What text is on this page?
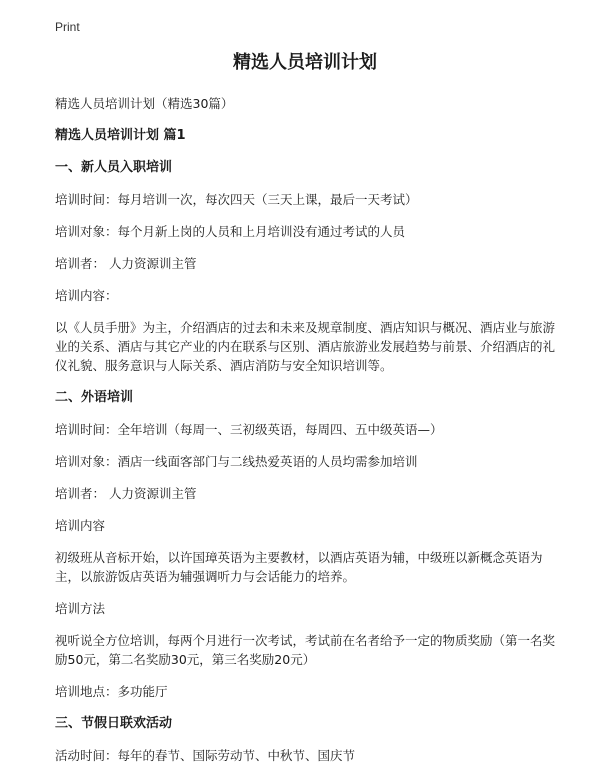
Print
精选人员培训计划
精选人员培训计划（精选30篇）
精选人员培训计划 篇1
一、新人员入职培训
培训时间：每月培训一次，每次四天（三天上课，最后一天考试）
培训对象：每个月新上岗的人员和上月培训没有通过考试的人员
培训者： 人力资源训主管
培训内容：
以《人员手册》为主，介绍酒店的过去和未来及规章制度、酒店知识与概况、酒店业与旅游业的关系、酒店与其它产业的内在联系与区别、酒店旅游业发展趋势与前景、介绍酒店的礼仪礼貌、服务意识与人际关系、酒店消防与安全知识培训等。
二、外语培训
培训时间：全年培训（每周一、三初级英语，每周四、五中级英语—）
培训对象：酒店一线面客部门与二线热爱英语的人员均需参加培训
培训者： 人力资源训主管
培训内容
初级班从音标开始，以许国璋英语为主要教材，以酒店英语为辅，中级班以新概念英语为主，以旅游饭店英语为辅强调听力与会话能力的培养。
培训方法
视听说全方位培训，每两个月进行一次考试，考试前在名者给予一定的物质奖励（第一名奖励50元，第二名奖励30元，第三名奖励20元）
培训地点：多功能厅
三、节假日联欢活动
活动时间：每年的春节、国际劳动节、中秋节、国庆节
